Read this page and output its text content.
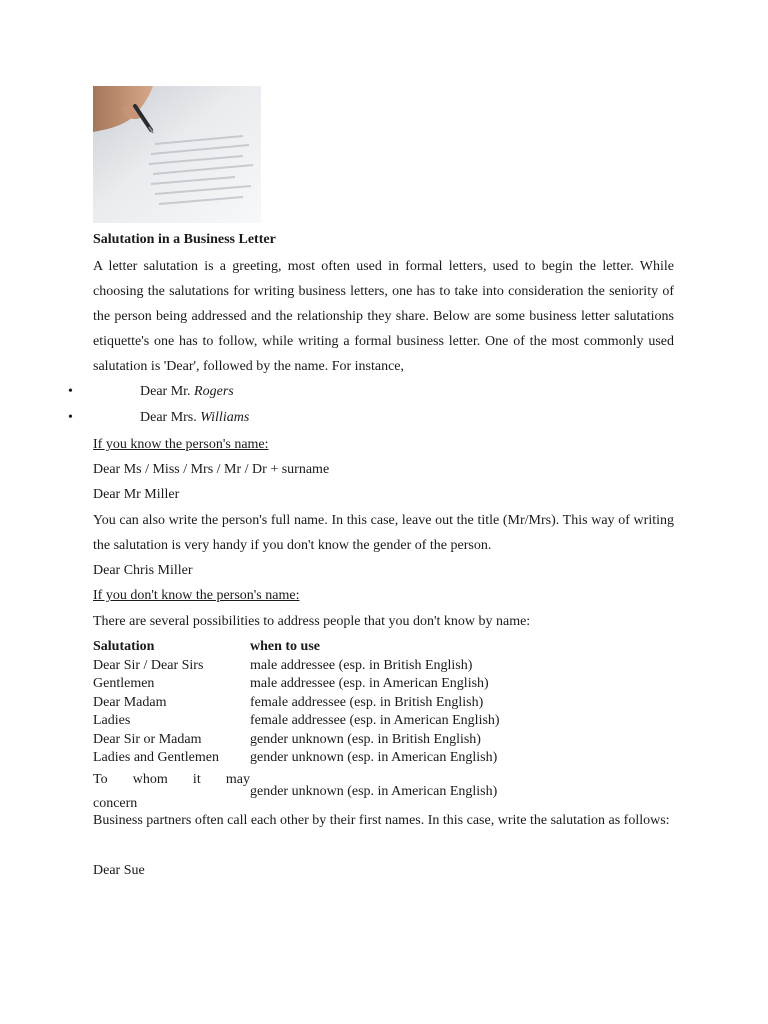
Salutation in a Business Letter

A letter salutation is a greeting, most often used in formal letters, used to begin the letter. While choosing the salutations for writing business letters, one has to take into consideration the seniority of the person being addressed and the relationship they share. Below are some business letter salutations etiquette's one has to follow, while writing a formal business letter. One of the most commonly used salutation is 'Dear', followed by the name. For instance,

•	Dear Mr. Rogers
•	Dear Mrs. Williams

If you know the person's name:

Dear Ms / Miss / Mrs / Mr / Dr + surname

Dear Mr Miller

You can also write the person's full name. In this case, leave out the title (Mr/Mrs). This way of writing the salutation is very handy if you don't know the gender of the person.

Dear Chris Miller

If you don't know the person's name:

There are several possibilities to address people that you don't know by name:

Salutation	when to use
Dear Sir / Dear Sirs	male addressee (esp. in British English)
Gentlemen	male addressee (esp. in American English)
Dear Madam	female addressee (esp. in British English)
Ladies	female addressee (esp. in American English)
Dear Sir or Madam	gender unknown (esp. in British English)
Ladies and Gentlemen	gender unknown (esp. in American English)

To whom it may
concern	gender unknown (esp. in American English)

Business partners often call each other by their first names. In this case, write the salutation as follows:

Dear Sue
